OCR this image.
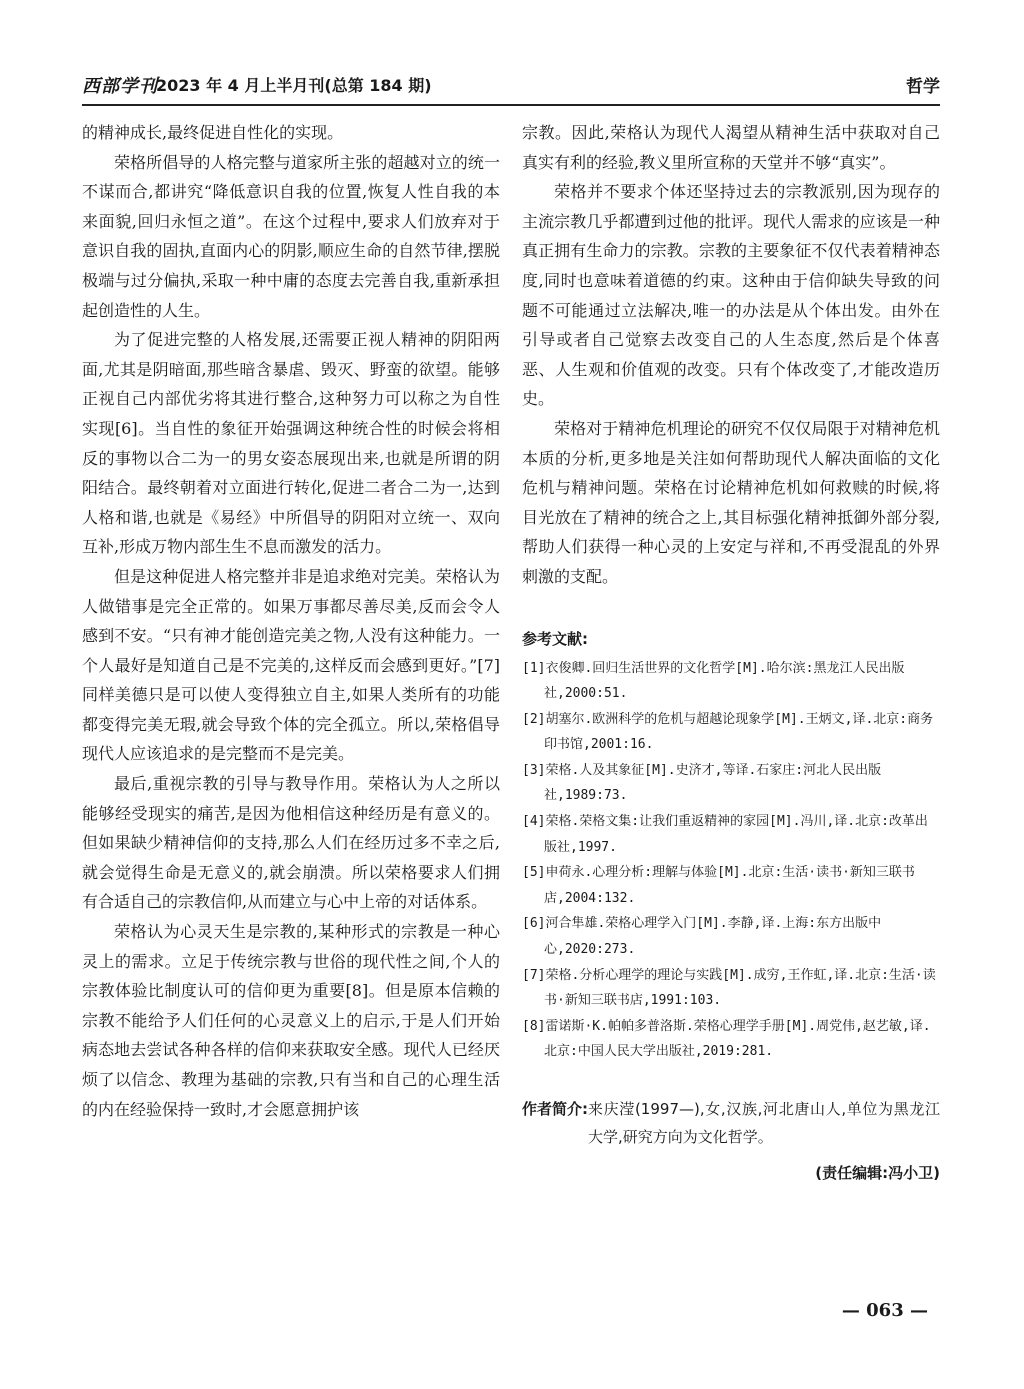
西部学刊
2023 年 4 月上半月刊(总第 184 期)	哲学

的精神成长,最终促进自性化的实现。

荣格所倡导的人格完整与道家所主张的超越对立的统一不谋而合,都讲究“降低意识自我的位置,恢复人性自我的本来面貌,回归永恒之道”。在这个过程中,要求人们放弃对于意识自我的固执,直面内心的阴影,顺应生命的自然节律,摆脱极端与过分偏执,采取一种中庸的态度去完善自我,重新承担起创造性的人生。

为了促进完整的人格发展,还需要正视人精神的阴阳两面,尤其是阴暗面,那些暗含暴虐、毁灭、野蛮的欲望。能够正视自己内部优劣将其进行整合,这种努力可以称之为自性实现[6]。当自性的象征开始强调这种统合性的时候会将相反的事物以合二为一的男女姿态展现出来,也就是所谓的阴阳结合。最终朝着对立面进行转化,促进二者合二为一,达到人格和谐,也就是《易经》中所倡导的阴阳对立统一、双向互补,形成万物内部生生不息而激发的活力。

但是这种促进人格完整并非是追求绝对完美。荣格认为人做错事是完全正常的。如果万事都尽善尽美,反而会令人感到不安。“只有神才能创造完美之物,人没有这种能力。一个人最好是知道自己是不完美的,这样反而会感到更好。”[7]同样美德只是可以使人变得独立自主,如果人类所有的功能都变得完美无瑕,就会导致个体的完全孤立。所以,荣格倡导现代人应该追求的是完整而不是完美。

最后,重视宗教的引导与教导作用。荣格认为人之所以能够经受现实的痛苦,是因为他相信这种经历是有意义的。但如果缺少精神信仰的支持,那么人们在经历过多不幸之后,就会觉得生命是无意义的,就会崩溃。所以荣格要求人们拥有合适自己的宗教信仰,从而建立与心中上帝的对话体系。

荣格认为心灵天生是宗教的,某种形式的宗教是一种心灵上的需求。立足于传统宗教与世俗的现代性之间,个人的宗教体验比制度认可的信仰更为重要[8]。但是原本信赖的宗教不能给予人们任何的心灵意义上的启示,于是人们开始病态地去尝试各种各样的信仰来获取安全感。现代人已经厌烦了以信念、教理为基础的宗教,只有当和自己的心理生活的内在经验保持一致时,才会愿意拥护该

宗教。因此,荣格认为现代人渴望从精神生活中获取对自己真实有利的经验,教义里所宣称的天堂并不够“真实”。

荣格并不要求个体还坚持过去的宗教派别,因为现存的主流宗教几乎都遭到过他的批评。现代人需求的应该是一种真正拥有生命力的宗教。宗教的主要象征不仅代表着精神态度,同时也意味着道德的约束。这种由于信仰缺失导致的问题不可能通过立法解决,唯一的办法是从个体出发。由外在引导或者自己觉察去改变自己的人生态度,然后是个体喜恶、人生观和价值观的改变。只有个体改变了,才能改造历史。

荣格对于精神危机理论的研究不仅仅局限于对精神危机本质的分析,更多地是关注如何帮助现代人解决面临的文化危机与精神问题。荣格在讨论精神危机如何救赎的时候,将目光放在了精神的统合之上,其目标强化精神抵御外部分裂,帮助人们获得一种心灵的上安定与祥和,不再受混乱的外界刺激的支配。

参考文献:

[1]衣俊卿.回归生活世界的文化哲学[M].哈尔滨:黑龙江人民出版社,2000:51.
[2]胡塞尔.欧洲科学的危机与超越论现象学[M].王炳文,译.北京:商务印书馆,2001:16.
[3]荣格.人及其象征[M].史济才,等译.石家庄:河北人民出版社,1989:73.
[4]荣格.荣格文集:让我们重返精神的家园[M].冯川,译.北京:改革出版社,1997.
[5]申荷永.心理分析:理解与体验[M].北京:生活·读书·新知三联书店,2004:132.
[6]河合隼雄.荣格心理学入门[M].李静,译.上海:东方出版中心,2020:273.
[7]荣格.分析心理学的理论与实践[M].成穷,王作虹,译.北京:生活·读书·新知三联书店,1991:103.
[8]雷诺斯·K.帕帕多普洛斯.荣格心理学手册[M].周党伟,赵艺敏,译.北京:中国人民大学出版社,2019:281.

作者简介: 来庆滢(1997—),女,汉族,河北唐山人,单位为黑龙江大学,研究方向为文化哲学。

(责任编辑:冯小卫)

— 063 —
